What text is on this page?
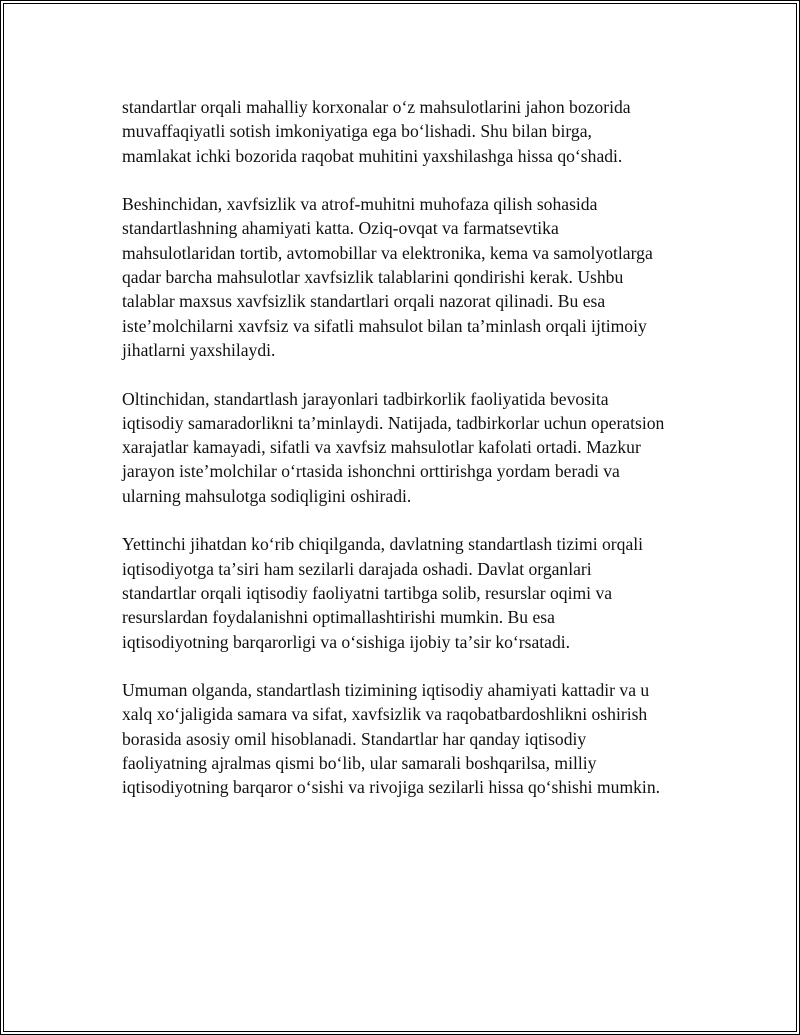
standartlar orqali mahalliy korxonalar oʻz mahsulotlarini jahon bozorida
muvaffaqiyatli sotish imkoniyatiga ega boʻlishadi. Shu bilan birga,
mamlakat ichki bozorida raqobat muhitini yaxshilashga hissa qoʻshadi.

Beshinchidan, xavfsizlik va atrof-muhitni muhofaza qilish sohasida
standartlashning ahamiyati katta. Oziq-ovqat va farmatsevtika
mahsulotlaridan tortib, avtomobillar va elektronika, kema va samolyotlarga
qadar barcha mahsulotlar xavfsizlik talablarini qondirishi kerak. Ushbu
talablar maxsus xavfsizlik standartlari orqali nazorat qilinadi. Bu esa
isteʼmolchilarni xavfsiz va sifatli mahsulot bilan taʼminlash orqali ijtimoiy
jihatlarni yaxshilaydi.

Oltinchidan, standartlash jarayonlari tadbirkorlik faoliyatida bevosita
iqtisodiy samaradorlikni taʼminlaydi. Natijada, tadbirkorlar uchun operatsion
xarajatlar kamayadi, sifatli va xavfsiz mahsulotlar kafolati ortadi. Mazkur
jarayon isteʼmolchilar oʻrtasida ishonchni orttirishga yordam beradi va
ularning mahsulotga sodiqligini oshiradi.

Yettinchi jihatdan koʻrib chiqilganda, davlatning standartlash tizimi orqali
iqtisodiyotga taʼsiri ham sezilarli darajada oshadi. Davlat organlari
standartlar orqali iqtisodiy faoliyatni tartibga solib, resurslar oqimi va
resurslardan foydalanishni optimallashtirishi mumkin. Bu esa
iqtisodiyotning barqarorligi va oʻsishiga ijobiy taʼsir koʻrsatadi.

Umuman olganda, standartlash tizimining iqtisodiy ahamiyati kattadir va u
xalq xoʻjaligida samara va sifat, xavfsizlik va raqobatbardoshlikni oshirish
borasida asosiy omil hisoblanadi. Standartlar har qanday iqtisodiy
faoliyatning ajralmas qismi boʻlib, ular samarali boshqarilsa, milliy
iqtisodiyotning barqaror oʻsishi va rivojiga sezilarli hissa qoʻshishi mumkin.
